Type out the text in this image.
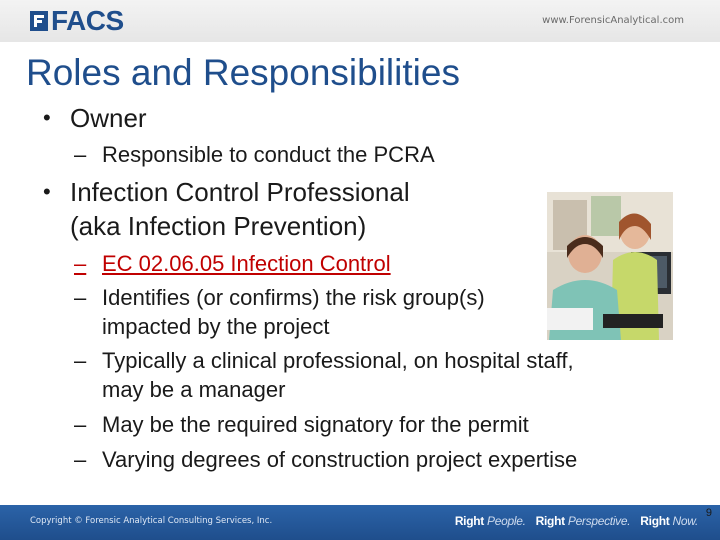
FACS	www.ForensicAnalytical.com
Roles and Responsibilities
• Owner
– Responsible to conduct the PCRA
• Infection Control Professional
(aka Infection Prevention)
– EC 02.06.05 Infection Control
– Identifies (or confirms) the risk group(s)
impacted by the project
– Typically a clinical professional, on hospital staff,
may be a manager
– May be the required signatory for the permit
– Varying degrees of construction project expertise
Copyright © Forensic Analytical Consulting Services, Inc.	Right People. Right Perspective. Right Now.
9
